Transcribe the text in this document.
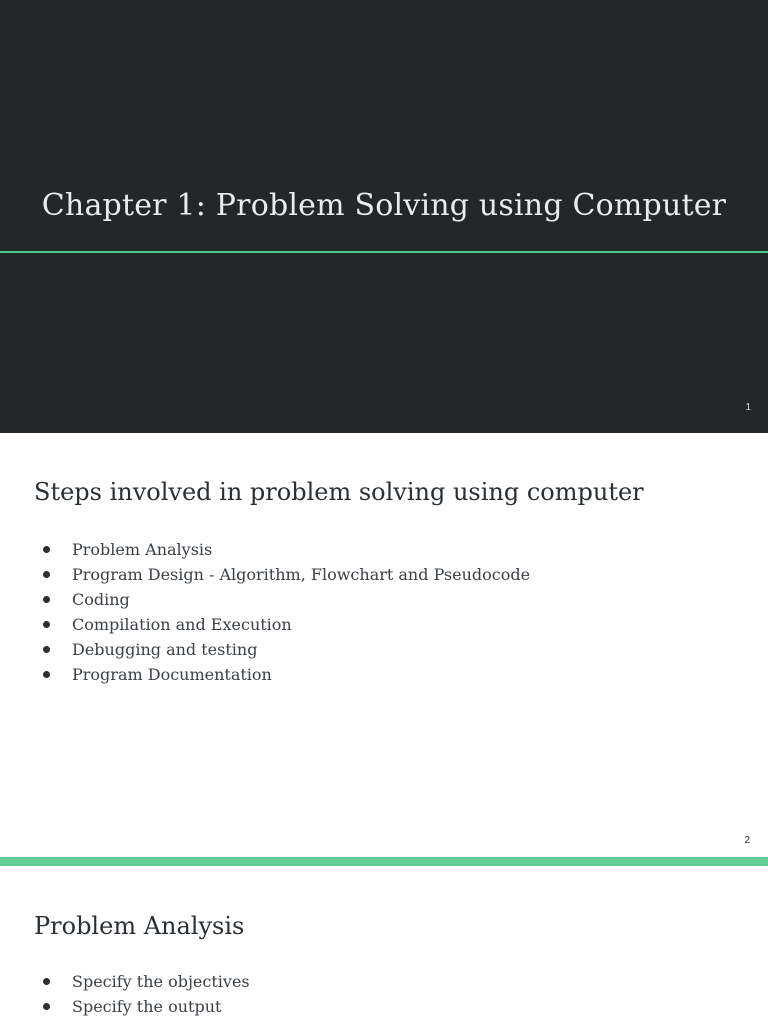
Chapter 1: Problem Solving using Computer
1
Steps involved in problem solving using computer
Problem Analysis
Program Design - Algorithm, Flowchart and Pseudocode
Coding
Compilation and Execution
Debugging and testing
Program Documentation
2
Problem Analysis
Specify the objectives
Specify the output
